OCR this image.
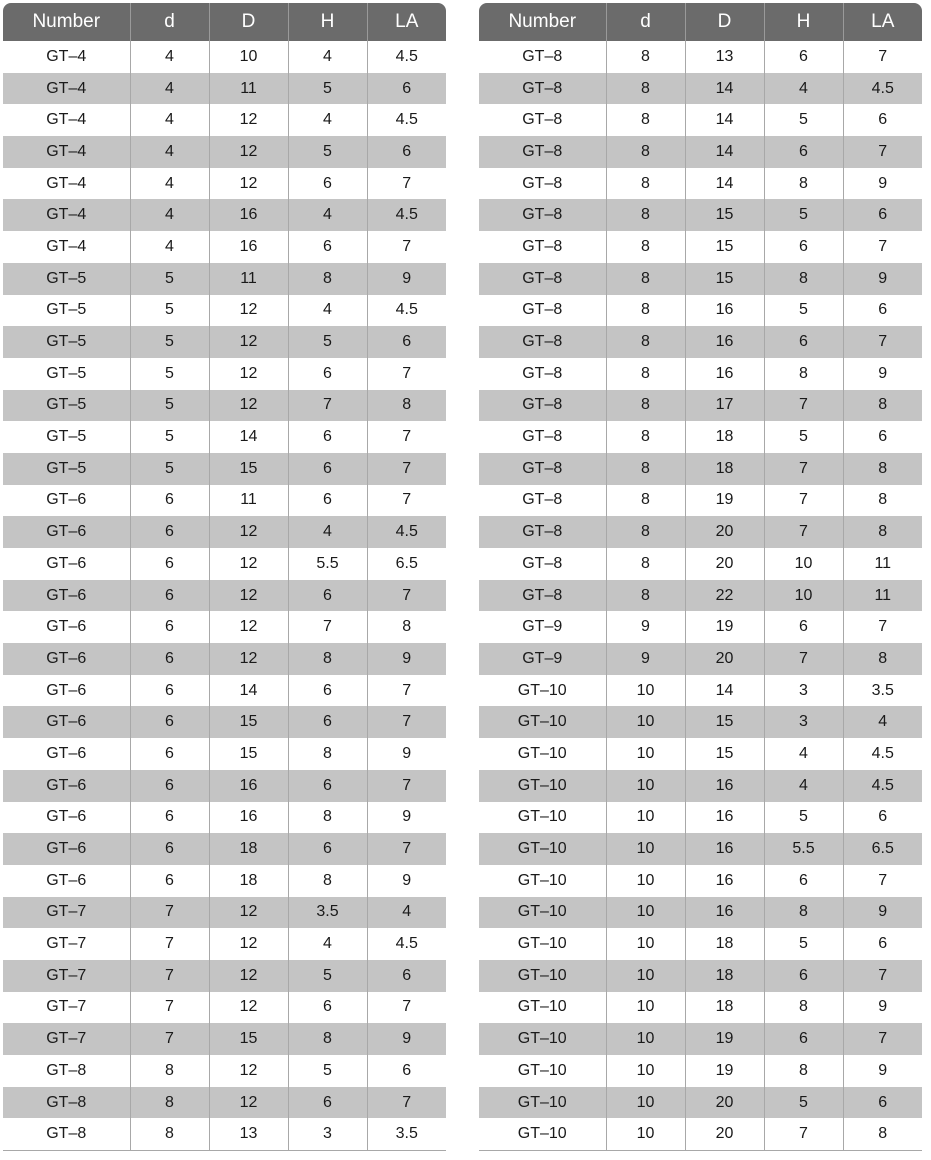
Number	d	D	H	LA
GT–4	4	10	4	4.5
GT–4	4	11	5	6
GT–4	4	12	4	4.5
GT–4	4	12	5	6
GT–4	4	12	6	7
GT–4	4	16	4	4.5
GT–4	4	16	6	7
GT–5	5	11	8	9
GT–5	5	12	4	4.5
GT–5	5	12	5	6
GT–5	5	12	6	7
GT–5	5	12	7	8
GT–5	5	14	6	7
GT–5	5	15	6	7
GT–6	6	11	6	7
GT–6	6	12	4	4.5
GT–6	6	12	5.5	6.5
GT–6	6	12	6	7
GT–6	6	12	7	8
GT–6	6	12	8	9
GT–6	6	14	6	7
GT–6	6	15	6	7
GT–6	6	15	8	9
GT–6	6	16	6	7
GT–6	6	16	8	9
GT–6	6	18	6	7
GT–6	6	18	8	9
GT–7	7	12	3.5	4
GT–7	7	12	4	4.5
GT–7	7	12	5	6
GT–7	7	12	6	7
GT–7	7	15	8	9
GT–8	8	12	5	6
GT–8	8	12	6	7
GT–8	8	13	3	3.5
Number	d	D	H	LA
GT–8	8	13	6	7
GT–8	8	14	4	4.5
GT–8	8	14	5	6
GT–8	8	14	6	7
GT–8	8	14	8	9
GT–8	8	15	5	6
GT–8	8	15	6	7
GT–8	8	15	8	9
GT–8	8	16	5	6
GT–8	8	16	6	7
GT–8	8	16	8	9
GT–8	8	17	7	8
GT–8	8	18	5	6
GT–8	8	18	7	8
GT–8	8	19	7	8
GT–8	8	20	7	8
GT–8	8	20	10	11
GT–8	8	22	10	11
GT–9	9	19	6	7
GT–9	9	20	7	8
GT–10	10	14	3	3.5
GT–10	10	15	3	4
GT–10	10	15	4	4.5
GT–10	10	16	4	4.5
GT–10	10	16	5	6
GT–10	10	16	5.5	6.5
GT–10	10	16	6	7
GT–10	10	16	8	9
GT–10	10	18	5	6
GT–10	10	18	6	7
GT–10	10	18	8	9
GT–10	10	19	6	7
GT–10	10	19	8	9
GT–10	10	20	5	6
GT–10	10	20	7	8
